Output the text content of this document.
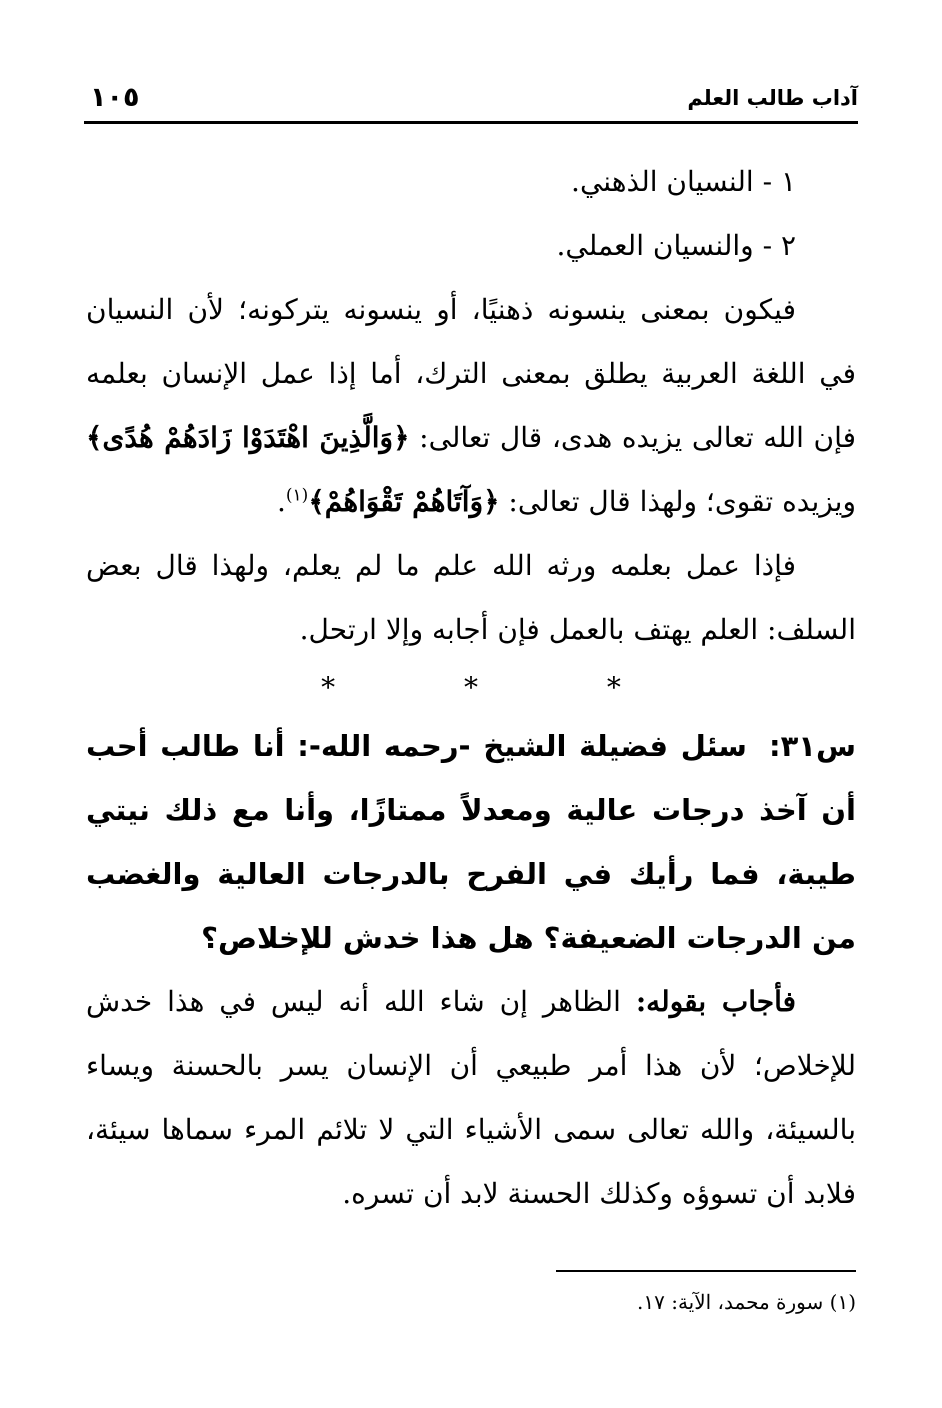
آداب طالب العلم
١٠٥

١ - النسيان الذهني.

٢ - والنسيان العملي.

فيكون بمعنى ينسونه ذهنيًا، أو ينسونه يتركونه؛ لأن النسيان في اللغة العربية يطلق بمعنى الترك، أما إذا عمل الإنسان بعلمه فإن الله تعالى يزيده هدى، قال تعالى: ﴿وَالَّذِينَ اهْتَدَوْا زَادَهُمْ هُدًى﴾ ويزيده تقوى؛ ولهذا قال تعالى: ﴿وَآتَاهُمْ تَقْوَاهُمْ﴾$^{(١)}$.

فإذا عمل بعلمه ورثه الله علم ما لم يعلم، ولهذا قال بعض السلف: العلم يهتف بالعمل فإن أجابه وإلا ارتحل.

* * *

س٣١:سئل فضيلة الشيخ -رحمه الله-: أنا طالب أحب أن آخذ درجات عالية ومعدلاً ممتازًا، وأنا مع ذلك نيتي طيبة، فما رأيك في الفرح بالدرجات العالية والغضب من الدرجات الضعيفة؟ هل هذا خدش للإخلاص؟

فأجاب بقوله: الظاهر إن شاء الله أنه ليس في هذا خدش للإخلاص؛ لأن هذا أمر طبيعي أن الإنسان يسر بالحسنة ويساء بالسيئة، والله تعالى سمى الأشياء التي لا تلائم المرء سماها سيئة، فلابد أن تسوؤه وكذلك الحسنة لابد أن تسره.

(١) سورة محمد، الآية: ١٧.
